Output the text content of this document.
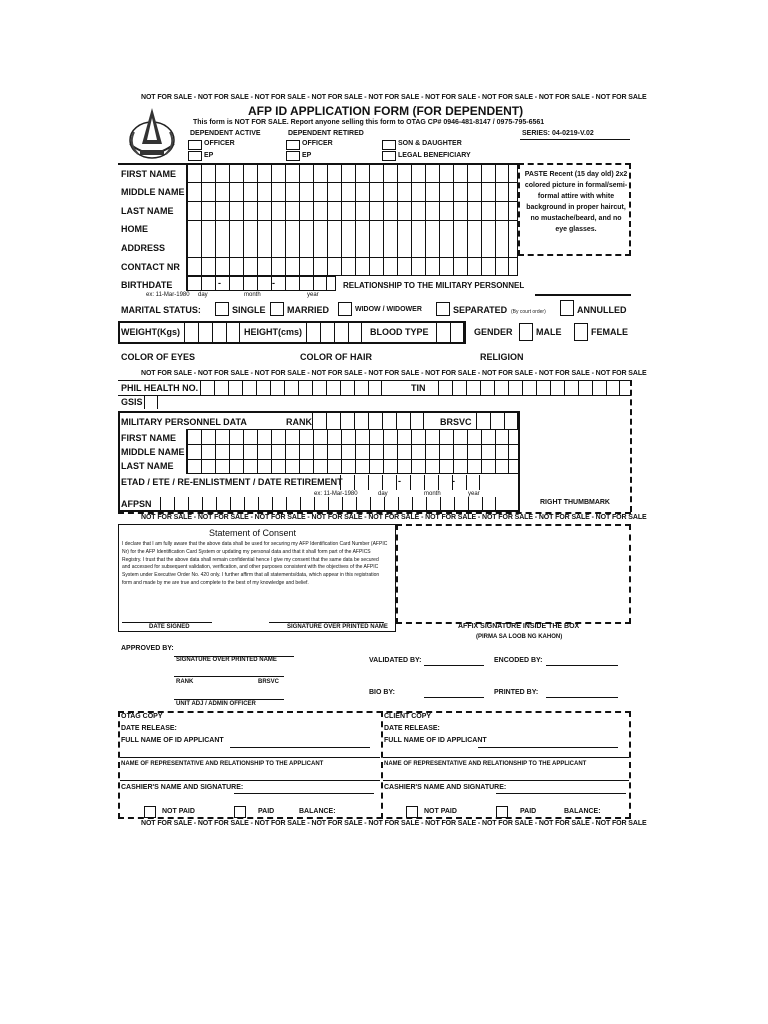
NOT FOR SALE - NOT FOR SALE - NOT FOR SALE - NOT FOR SALE - NOT FOR SALE - NOT FOR SALE - NOT FOR SALE - NOT FOR SALE - NOT FOR SALE
AFP ID APPLICATION FORM (FOR DEPENDENT)
This form is NOT FOR SALE. Report anyone selling this form to OTAG CP# 0946-481-8147 / 0975-795-6561
SERIES: 04-0219-V.02
DEPENDENT ACTIVE	DEPENDENT RETIRED
OFFICER
EP
OFFICER
EP
SON & DAUGHTER
LEGAL BENEFICIARY
FIRST NAME
MIDDLE NAME
LAST NAME
HOME
ADDRESS
CONTACT NR
PASTE Recent (15 day old) 2x2 colored picture in formal/semi-formal attire with white background in proper haircut, no mustache/beard, and no eye glasses.
BIRTHDATE	-	-
ex: 11-Mar-1980 day	month	year
RELATIONSHIP TO THE MILITARY PERSONNEL
MARITAL STATUS:	SINGLE MARRIED	WIDOW / WIDOWER	SEPARATED (By court order)	ANNULLED
WEIGHT(Kgs)	HEIGHT(cms)	BLOOD TYPE	GENDER	MALE	FEMALE
COLOR OF EYES	COLOR OF HAIR	RELIGION
NOT FOR SALE - NOT FOR SALE - NOT FOR SALE - NOT FOR SALE - NOT FOR SALE - NOT FOR SALE - NOT FOR SALE - NOT FOR SALE - NOT FOR SALE
PHIL HEALTH NO.	TIN
GSIS
MILITARY PERSONNEL DATA	RANK	BRSVC
FIRST NAME
MIDDLE NAME
LAST NAME
ETAD / ETE / RE-ENLISTMENT / DATE RETIREMENT	-	-
ex: 11-Mar-1980	day	month	year
AFPSN	RIGHT THUMBMARK
NOT FOR SALE - NOT FOR SALE - NOT FOR SALE - NOT FOR SALE - NOT FOR SALE - NOT FOR SALE - NOT FOR SALE - NOT FOR SALE - NOT FOR SALE
Statement of Consent
I declare that I am fully aware that the above data shall be used for securing my AFP Identification Card Number (AFPIC Nr) for the AFP Identification Card System or updating my personal data and that it shall form part of the AFPICS Registry. I trust that the above data shall remain confidential hence I give my consent that the same data be secured and accessed for subsequent validation, verification, and other purposes consistent with the objectives of the AFPIC System under Executive Order No. 420 only. I further affirm that all statements/data, which appear in this registration form and made by me are true and complete to the best of my knowledge and belief.
DATE SIGNED	SIGNATURE OVER PRINTED NAME	AFFIX SIGNATURE INSIDE THE BOX
(PIRMA SA LOOB NG KAHON)
APPROVED BY:
SIGNATURE OVER PRINTED NAME	VALIDATED BY:	ENCODED BY:
RANK	BRSVC
BIO BY:	PRINTED BY:
UNIT ADJ / ADMIN OFFICER
OTAG COPY
DATE RELEASE:
FULL NAME OF ID APPLICANT
NAME OF REPRESENTATIVE AND RELATIONSHIP TO THE APPLICANT
CASHIER'S NAME AND SIGNATURE:
NOT PAID	PAID	BALANCE:
CLIENT COPY
DATE RELEASE:
FULL NAME OF ID APPLICANT
NAME OF REPRESENTATIVE AND RELATIONSHIP TO THE APPLICANT
CASHIER'S NAME AND SIGNATURE:
NOT PAID	PAID	BALANCE:
NOT FOR SALE - NOT FOR SALE - NOT FOR SALE - NOT FOR SALE - NOT FOR SALE - NOT FOR SALE - NOT FOR SALE - NOT FOR SALE - NOT FOR SALE
